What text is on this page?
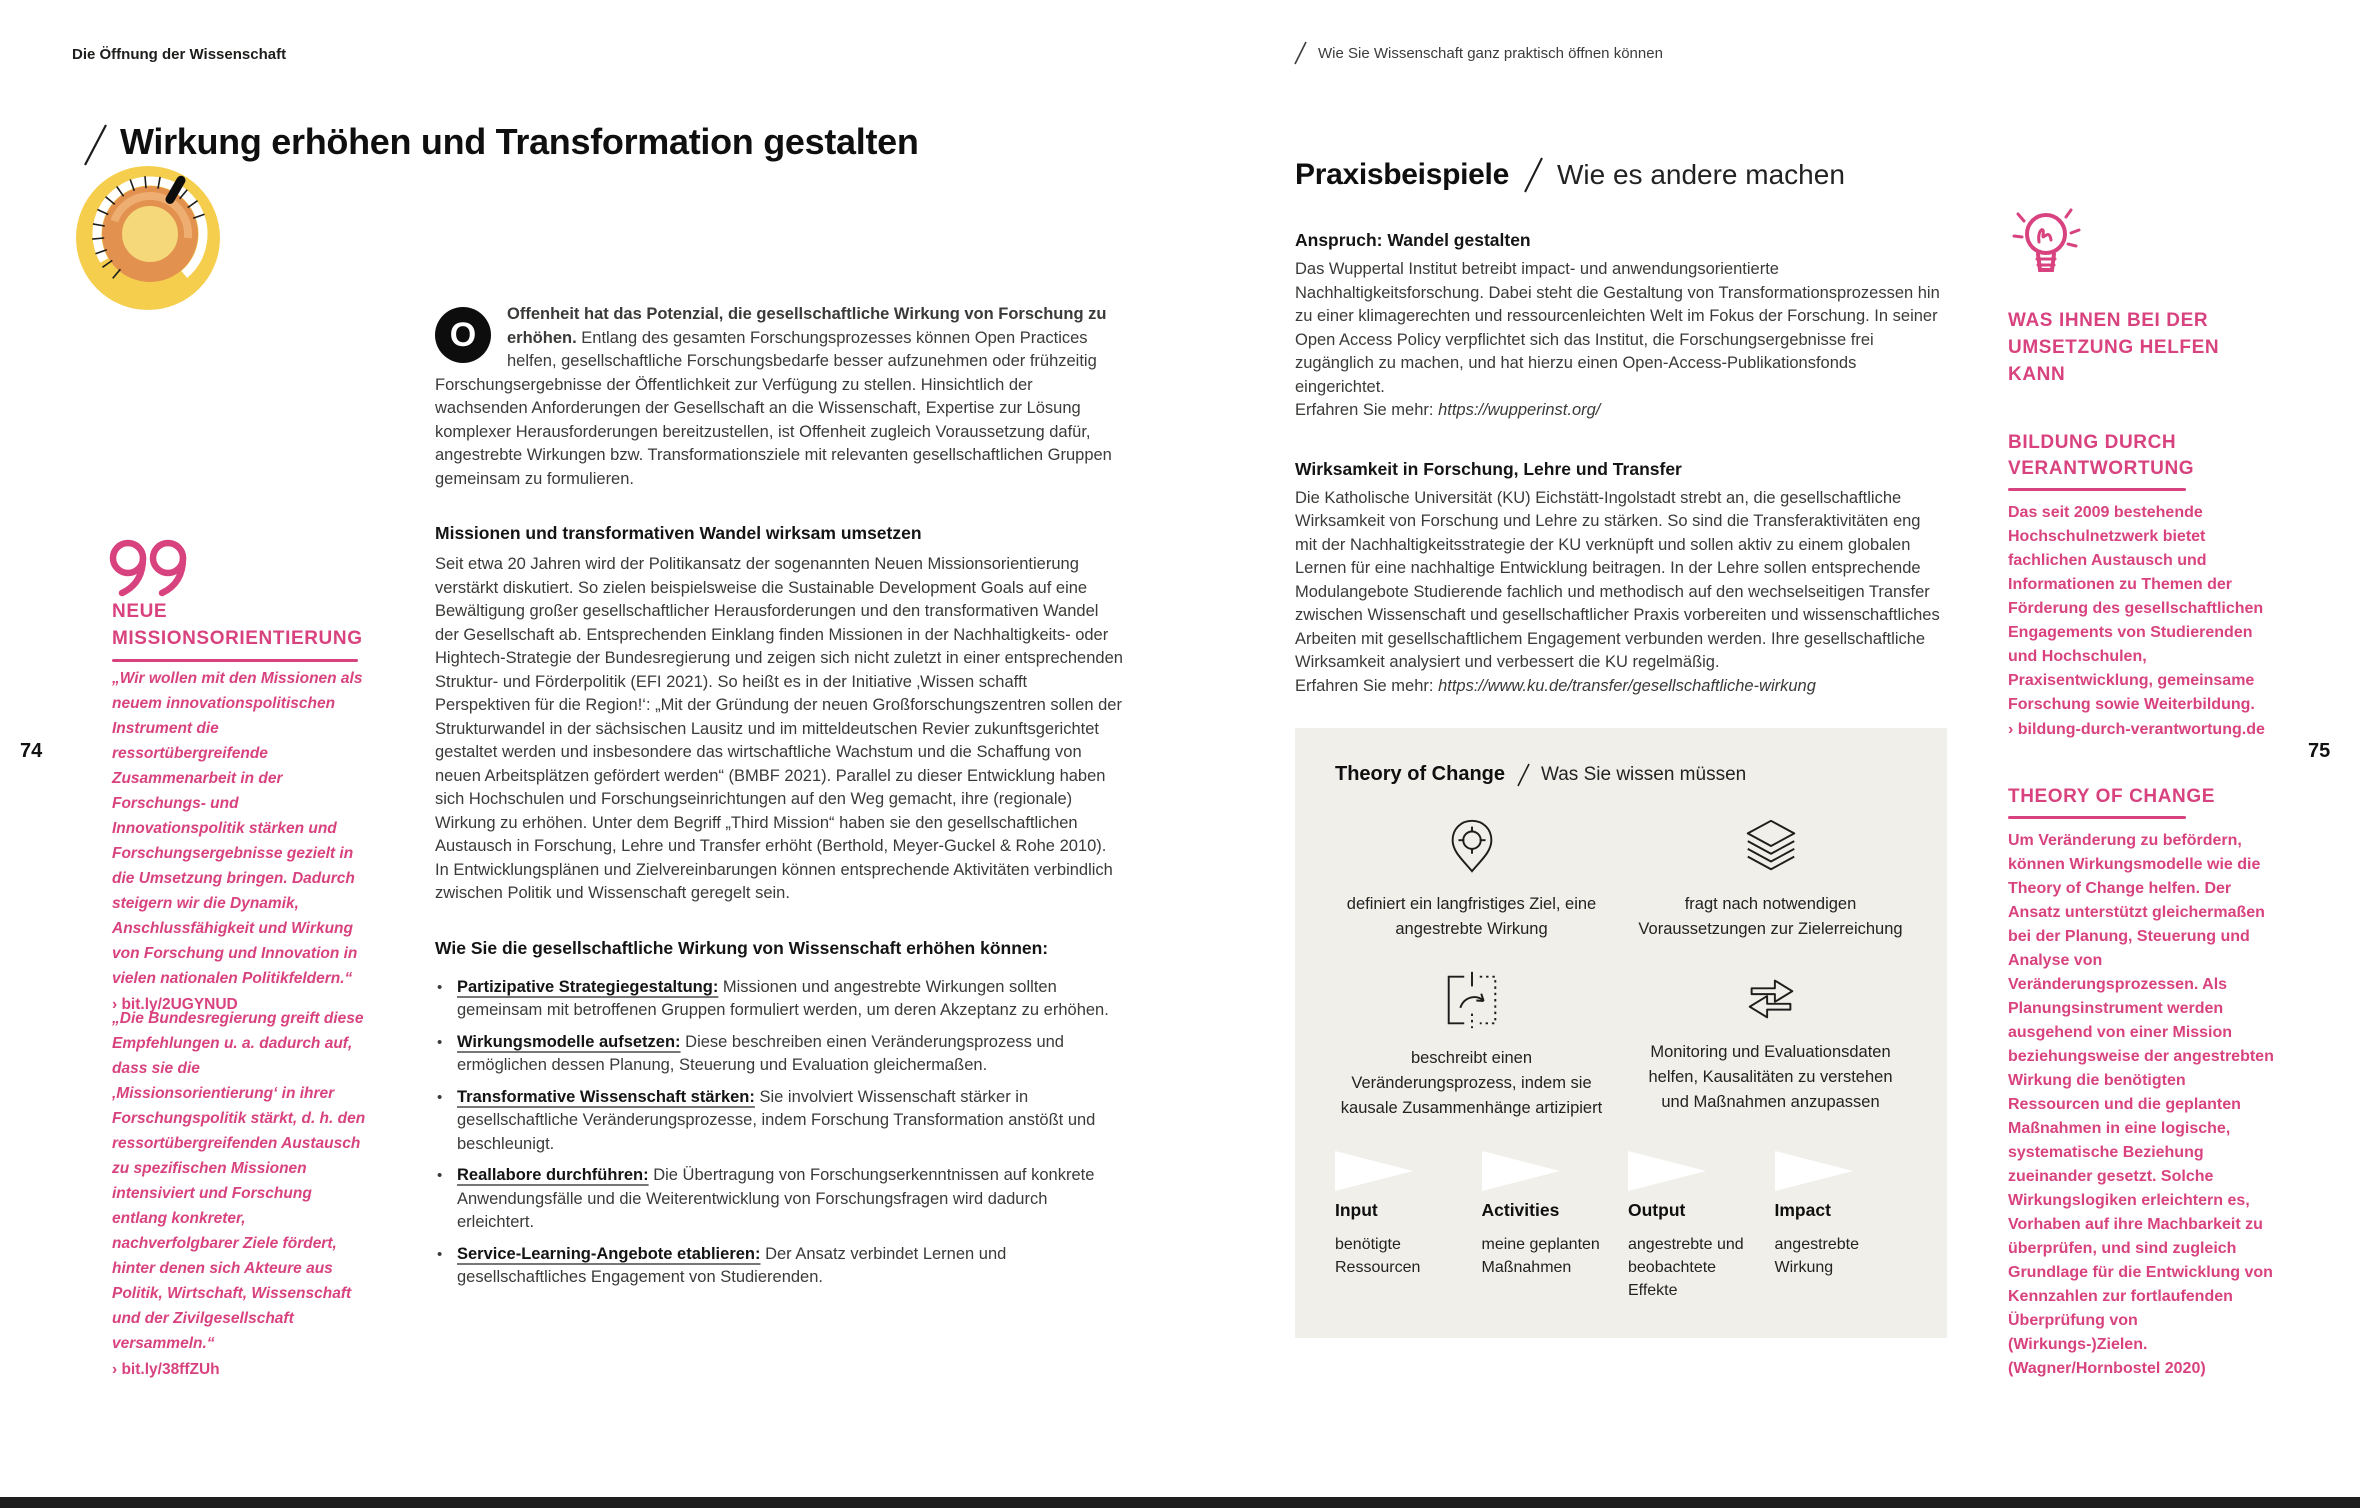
Die Öffnung der Wissenschaft	Wie Sie Wissenschaft ganz praktisch öffnen können
Wirkung erhöhen und Transformation gestalten
NEUE MISSIONSORIENTIERUNG
„Wir wollen mit den Missionen als neuem innovationspolitischen Instrument die ressortübergreifende Zusammenarbeit in der Forschungs- und Innovationspolitik stärken und Forschungsergebnisse gezielt in die Umsetzung bringen. Dadurch steigern wir die Dynamik, Anschlussfähigkeit und Wirkung von Forschung und Innovation in vielen nationalen Politikfeldern.“
› bit.ly/2UGYNUD
„Die Bundesregierung greift diese Empfehlungen u. a. dadurch auf, dass sie die ‚Missionsorientierung‘ in ihrer Forschungspolitik stärkt, d. h. den ressortübergreifenden Austausch zu spezifischen Missionen intensiviert und Forschung entlang konkreter, nachverfolgbarer Ziele fördert, hinter denen sich Akteure aus Politik, Wirtschaft, Wissenschaft und der Zivilgesellschaft versammeln.“
› bit.ly/38ffZUh
74	75

O
Offenheit hat das Potenzial, die gesellschaftliche Wirkung von Forschung zu erhöhen. Entlang des gesamten Forschungsprozesses können Open Practices helfen, gesellschaftliche Forschungsbedarfe besser aufzunehmen oder frühzeitig Forschungsergebnisse der Öffentlichkeit zur Verfügung zu stellen. Hinsichtlich der wachsenden Anforderungen der Gesellschaft an die Wissenschaft, Expertise zur Lösung komplexer Herausforderungen bereitzustellen, ist Offenheit zugleich Voraussetzung dafür, angestrebte Wirkungen bzw. Transformationsziele mit relevanten gesellschaftlichen Gruppen gemeinsam zu formulieren.

Missionen und transformativen Wandel wirksam umsetzen

Seit etwa 20 Jahren wird der Politikansatz der sogenannten Neuen Missionsorientierung verstärkt diskutiert. So zielen beispielsweise die Sustainable Development Goals auf eine Bewältigung großer gesellschaftlicher Herausforderungen und den transformativen Wandel der Gesellschaft ab. Entsprechenden Einklang finden Missionen in der Nachhaltigkeits- oder Hightech-Strategie der Bundesregierung und zeigen sich nicht zuletzt in einer entsprechenden Struktur- und Förderpolitik (EFI 2021). So heißt es in der Initiative ‚Wissen schafft Perspektiven für die Region!‘: „Mit der Gründung der neuen Großforschungszentren sollen der Strukturwandel in der sächsischen Lausitz und im mitteldeutschen Revier zukunftsgerichtet gestaltet werden und insbesondere das wirtschaftliche Wachstum und die Schaffung von neuen Arbeitsplätzen gefördert werden“ (BMBF 2021). Parallel zu dieser Entwicklung haben sich Hochschulen und Forschungseinrichtungen auf den Weg gemacht, ihre (regionale) Wirkung zu erhöhen. Unter dem Begriff „Third Mission“ haben sie den gesellschaftlichen Austausch in Forschung, Lehre und Transfer erhöht (Berthold, Meyer-Guckel & Rohe 2010). In Entwicklungsplänen und Zielvereinbarungen können entsprechende Aktivitäten verbindlich zwischen Politik und Wissenschaft geregelt sein.

Wie Sie die gesellschaftliche Wirkung von Wissenschaft erhöhen können:
• Partizipative Strategiegestaltung: Missionen und angestrebte Wirkungen sollten gemeinsam mit betroffenen Gruppen formuliert werden, um deren Akzeptanz zu erhöhen.
• Wirkungsmodelle aufsetzen: Diese beschreiben einen Veränderungsprozess und ermöglichen dessen Planung, Steuerung und Evaluation gleichermaßen.
• Transformative Wissenschaft stärken: Sie involviert Wissenschaft stärker in gesellschaftliche Veränderungsprozesse, indem Forschung Transformation anstößt und beschleunigt.
• Reallabore durchführen: Die Übertragung von Forschungserkenntnissen auf konkrete Anwendungsfälle und die Weiterentwicklung von Forschungsfragen wird dadurch erleichtert.
• Service-Learning-Angebote etablieren: Der Ansatz verbindet Lernen und gesellschaftliches Engagement von Studierenden.
Praxisbeispiele Wie es andere machen
Anspruch: Wandel gestalten

Das Wuppertal Institut betreibt impact- und anwendungsorientierte Nachhaltigkeitsforschung. Dabei steht die Gestaltung von Transformationsprozessen hin zu einer klimagerechten und ressourcenleichten Welt im Fokus der Forschung. In seiner Open Access Policy verpflichtet sich das Institut, die Forschungsergebnisse frei zugänglich zu machen, und hat hierzu einen Open-Access-Publikationsfonds eingerichtet.

Erfahren Sie mehr: https://wupperinst.org/

Wirksamkeit in Forschung, Lehre und Transfer

Die Katholische Universität (KU) Eichstätt-Ingolstadt strebt an, die gesellschaftliche Wirksamkeit von Forschung und Lehre zu stärken. So sind die Transferaktivitäten eng mit der Nachhaltigkeitsstrategie der KU verknüpft und sollen aktiv zu einem globalen Lernen für eine nachhaltige Entwicklung beitragen. In der Lehre sollen entsprechende Modulangebote Studierende fachlich und methodisch auf den wechselseitigen Transfer zwischen Wissenschaft und gesellschaftlicher Praxis vorbereiten und wissenschaftliches Arbeiten mit gesellschaftlichem Engagement verbunden werden. Ihre gesellschaftliche Wirksamkeit analysiert und verbessert die KU regelmäßig.

Erfahren Sie mehr: https://www.ku.de/transfer/gesellschaftliche-wirkung

Theory of Change Was Sie wissen müssen

definiert ein langfristiges Ziel, eine angestrebte Wirkung

fragt nach notwendigen Voraussetzungen zur Zielerreichung

beschreibt einen Veränderungsprozess, indem sie kausale Zusammenhänge artizipiert

Monitoring und Evaluationsdaten helfen, Kausalitäten zu verstehen und Maßnahmen anzupassen

Input
benötigte Ressourcen
Activities
meine geplanten Maßnahmen
Output
angestrebte und beobachtete Effekte
Impact
angestrebte Wirkung
WAS IHNEN BEI DER UMSETZUNG HELFEN KANN
BILDUNG DURCH VERANTWORTUNG

Das seit 2009 bestehende Hochschulnetzwerk bietet fachlichen Austausch und Informationen zu Themen der Förderung des gesellschaftlichen Engagements von Studierenden und Hochschulen, Praxisentwicklung, gemeinsame Forschung sowie Weiterbildung.

› bildung-durch-verantwortung.de
THEORY OF CHANGE

Um Veränderung zu befördern, können Wirkungsmodelle wie die Theory of Change helfen. Der Ansatz unterstützt gleichermaßen bei der Planung, Steuerung und Analyse von Veränderungsprozessen. Als Planungsinstrument werden ausgehend von einer Mission beziehungsweise der angestrebten Wirkung die benötigten Ressourcen und die geplanten Maßnahmen in eine logische, systematische Beziehung zueinander gesetzt. Solche Wirkungslogiken erleichtern es, Vorhaben auf ihre Machbarkeit zu überprüfen, und sind zugleich Grundlage für die Entwicklung von Kennzahlen zur fortlaufenden Überprüfung von (Wirkungs-)Zielen. (Wagner/Hornbostel 2020)
